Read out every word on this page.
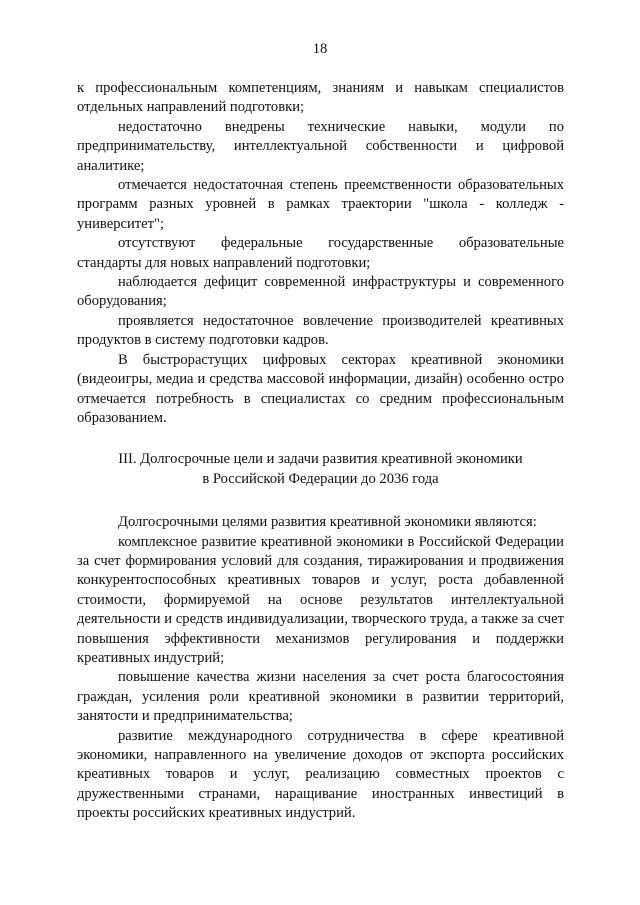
18

к профессиональным компетенциям, знаниям и навыкам специалистов отдельных направлений подготовки;

недостаточно внедрены технические навыки, модули по предпринимательству, интеллектуальной собственности и цифровой аналитике;

отмечается недостаточная степень преемственности образовательных программ разных уровней в рамках траектории "школа - колледж - университет";

отсутствуют федеральные государственные образовательные стандарты для новых направлений подготовки;

наблюдается дефицит современной инфраструктуры и современного оборудования;

проявляется недостаточное вовлечение производителей креативных продуктов в систему подготовки кадров.

В быстрорастущих цифровых секторах креативной экономики (видеоигры, медиа и средства массовой информации, дизайн) особенно остро отмечается потребность в специалистах со средним профессиональным образованием.

III. Долгосрочные цели и задачи развития креативной экономики
в Российской Федерации до 2036 года

Долгосрочными целями развития креативной экономики являются:

комплексное развитие креативной экономики в Российской Федерации за счет формирования условий для создания, тиражирования и продвижения конкурентоспособных креативных товаров и услуг, роста добавленной стоимости, формируемой на основе результатов интеллектуальной деятельности и средств индивидуализации, творческого труда, а также за счет повышения эффективности механизмов регулирования и поддержки креативных индустрий;

повышение качества жизни населения за счет роста благосостояния граждан, усиления роли креативной экономики в развитии территорий, занятости и предпринимательства;

развитие международного сотрудничества в сфере креативной экономики, направленного на увеличение доходов от экспорта российских креативных товаров и услуг, реализацию совместных проектов с дружественными странами, наращивание иностранных инвестиций в проекты российских креативных индустрий.
